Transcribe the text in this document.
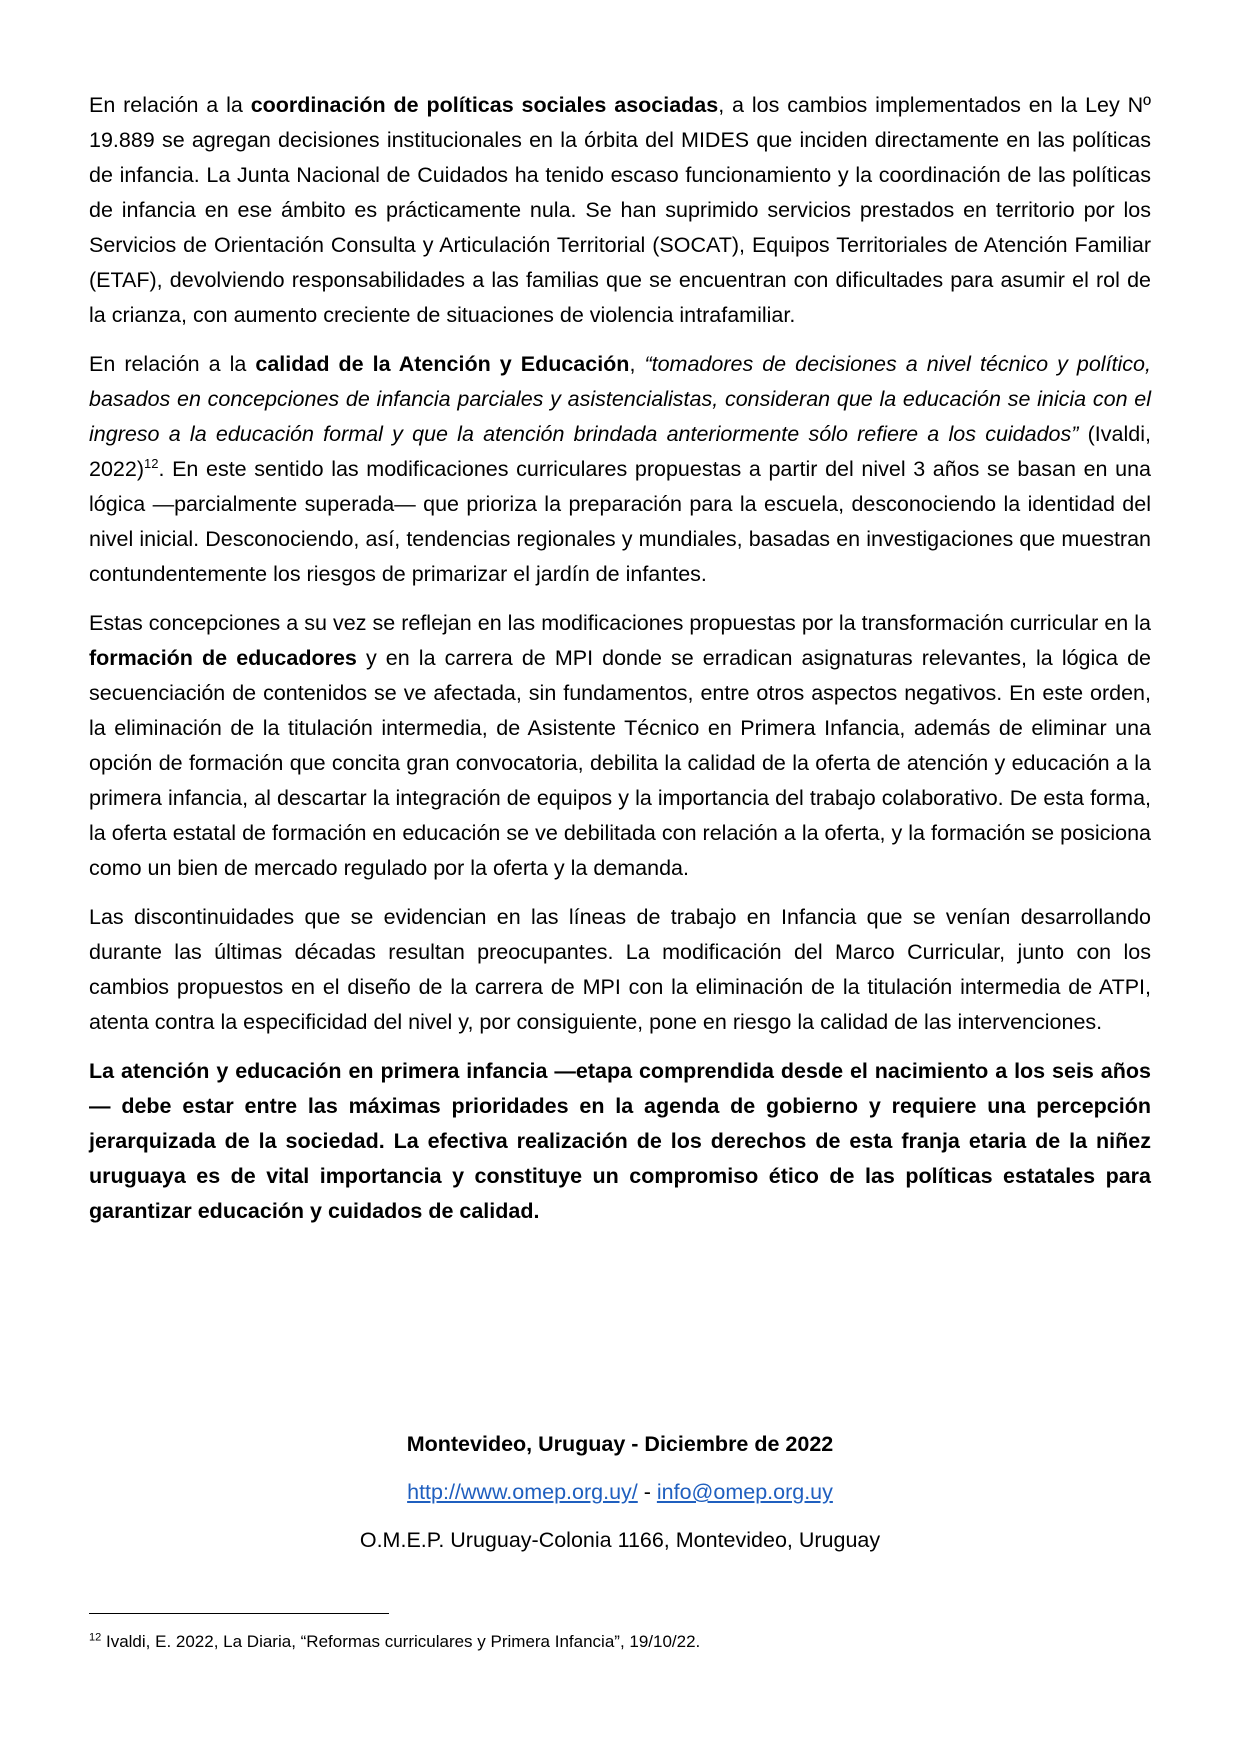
En relación a la coordinación de políticas sociales asociadas, a los cambios implementados en la Ley Nº 19.889 se agregan decisiones institucionales en la órbita del MIDES que inciden directamente en las políticas de infancia. La Junta Nacional de Cuidados ha tenido escaso funcionamiento y la coordinación de las políticas de infancia en ese ámbito es prácticamente nula. Se han suprimido servicios prestados en territorio por los Servicios de Orientación Consulta y Articulación Territorial (SOCAT), Equipos Territoriales de Atención Familiar (ETAF), devolviendo responsabilidades a las familias que se encuentran con dificultades para asumir el rol de la crianza, con aumento creciente de situaciones de violencia intrafamiliar.

En relación a la calidad de la Atención y Educación, “tomadores de decisiones a nivel técnico y político, basados en concepciones de infancia parciales y asistencialistas, consideran que la educación se inicia con el ingreso a la educación formal y que la atención brindada anteriormente sólo refiere a los cuidados” (Ivaldi, 2022)$^{12}$. En este sentido las modificaciones curriculares propuestas a partir del nivel 3 años se basan en una lógica —parcialmente superada— que prioriza la preparación para la escuela, desconociendo la identidad del nivel inicial. Desconociendo, así, tendencias regionales y mundiales, basadas en investigaciones que muestran contundentemente los riesgos de primarizar el jardín de infantes.

Estas concepciones a su vez se reflejan en las modificaciones propuestas por la transformación curricular en la formación de educadores y en la carrera de MPI donde se erradican asignaturas relevantes, la lógica de secuenciación de contenidos se ve afectada, sin fundamentos, entre otros aspectos negativos. En este orden, la eliminación de la titulación intermedia, de Asistente Técnico en Primera Infancia, además de eliminar una opción de formación que concita gran convocatoria, debilita la calidad de la oferta de atención y educación a la primera infancia, al descartar la integración de equipos y la importancia del trabajo colaborativo. De esta forma, la oferta estatal de formación en educación se ve debilitada con relación a la oferta, y la formación se posiciona como un bien de mercado regulado por la oferta y la demanda.

Las discontinuidades que se evidencian en las líneas de trabajo en Infancia que se venían desarrollando durante las últimas décadas resultan preocupantes. La modificación del Marco Curricular, junto con los cambios propuestos en el diseño de la carrera de MPI con la eliminación de la titulación intermedia de ATPI, atenta contra la especificidad del nivel y, por consiguiente, pone en riesgo la calidad de las intervenciones.

La atención y educación en primera infancia —etapa comprendida desde el nacimiento a los seis años— debe estar entre las máximas prioridades en la agenda de gobierno y requiere una percepción jerarquizada de la sociedad. La efectiva realización de los derechos de esta franja etaria de la niñez uruguaya es de vital importancia y constituye un compromiso ético de las políticas estatales para garantizar educación y cuidados de calidad.

Montevideo, Uruguay - Diciembre de 2022
http://www.omep.org.uy/ - info@omep.org.uy
O.M.E.P. Uruguay-Colonia 1166, Montevideo, Uruguay
$^{12}$ Ivaldi, E. 2022, La Diaria, “Reformas curriculares y Primera Infancia”, 19/10/22.
